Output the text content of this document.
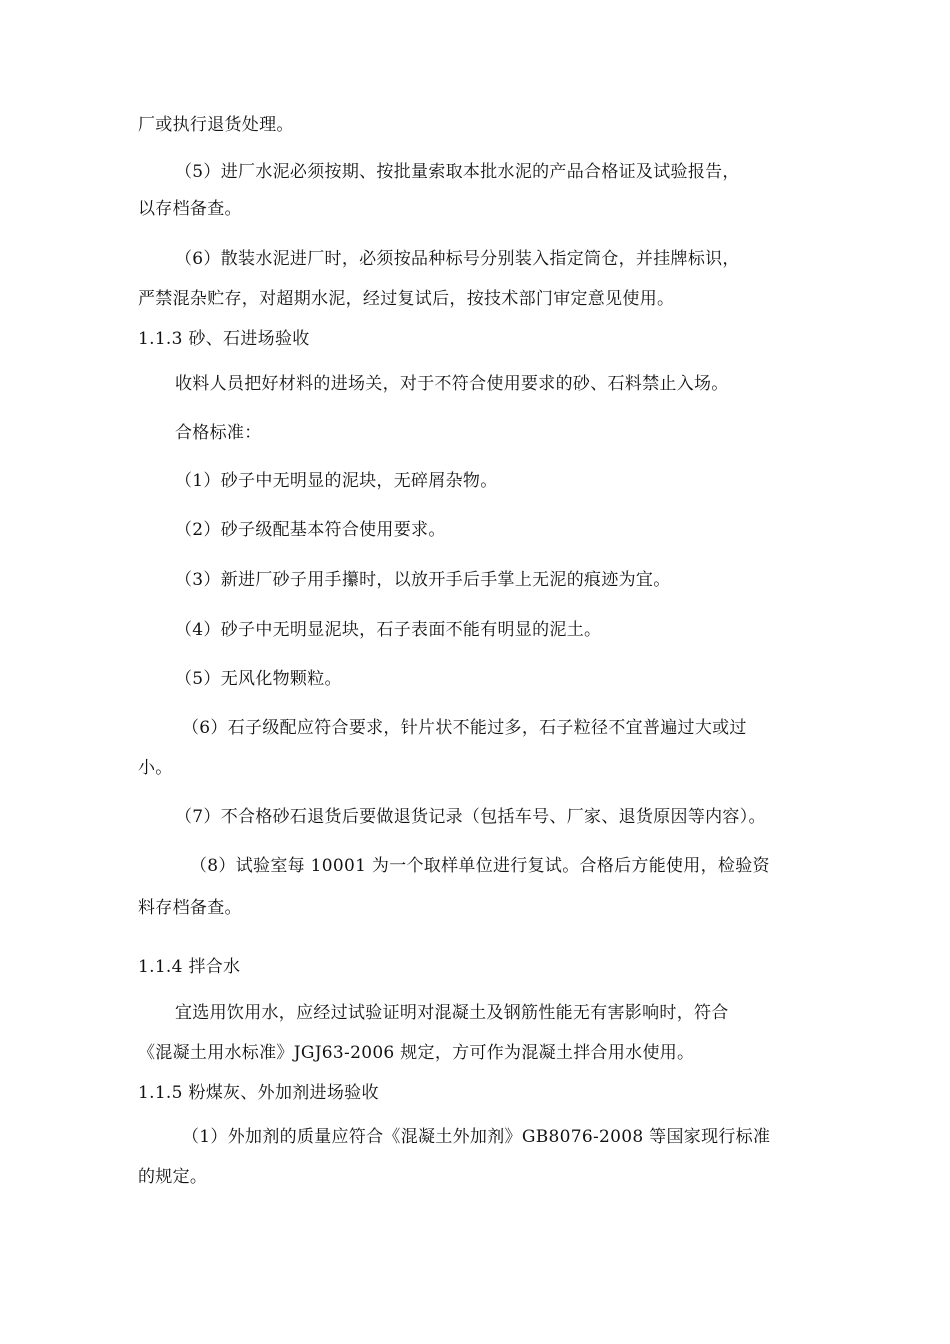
厂或执行退货处理。
（5）进厂水泥必须按期、按批量索取本批水泥的产品合格证及试验报告，
以存档备查。
（6）散装水泥进厂时，必须按品种标号分别装入指定筒仓，并挂牌标识，
严禁混杂贮存，对超期水泥，经过复试后，按技术部门审定意见使用。
1.1.3 砂、石进场验收
收料人员把好材料的进场关，对于不符合使用要求的砂、石料禁止入场。
合格标准：
（1）砂子中无明显的泥块，无碎屑杂物。
（2）砂子级配基本符合使用要求。
（3）新进厂砂子用手攥时，以放开手后手掌上无泥的痕迹为宜。
（4）砂子中无明显泥块，石子表面不能有明显的泥土。
（5）无风化物颗粒。
（6）石子级配应符合要求，针片状不能过多，石子粒径不宜普遍过大或过
小。
（7）不合格砂石退货后要做退货记录（包括车号、厂家、退货原因等内容）。
（8）试验室每 10001 为一个取样单位进行复试。合格后方能使用，检验资
料存档备查。
1.1.4 拌合水
宜选用饮用水，应经过试验证明对混凝土及钢筋性能无有害影响时，符合
《混凝土用水标准》JGJ63-2006 规定，方可作为混凝土拌合用水使用。
1.1.5 粉煤灰、外加剂进场验收
（1）外加剂的质量应符合《混凝土外加剂》GB8076-2008 等国家现行标准
的规定。
